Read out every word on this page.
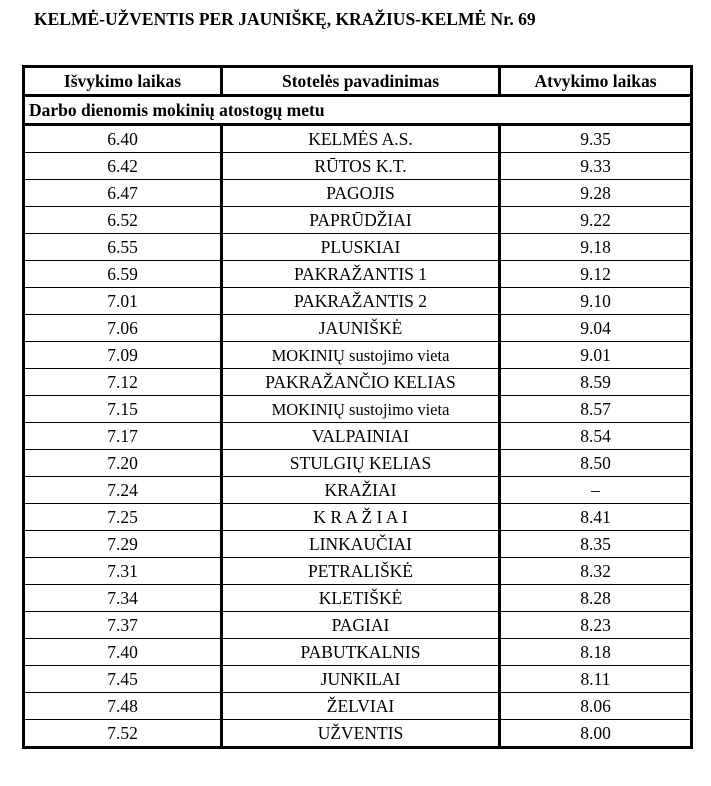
KELMĖ-UŽVENTIS PER JAUNIŠKĘ, KRAŽIUS-KELMĖ Nr. 69
Išvykimo laikas	Stotelės pavadinimas	Atvykimo laikas
Darbo dienomis mokinių atostogų metu		
6.40	KELMĖS A.S.	9.35
6.42	RŪTOS K.T.	9.33
6.47	PAGOJIS	9.28
6.52	PAPRŪDŽIAI	9.22
6.55	PLUSKIAI	9.18
6.59	PAKRAŽANTIS 1	9.12
7.01	PAKRAŽANTIS 2	9.10
7.06	JAUNIŠKĖ	9.04
7.09	MOKINIŲ sustojimo vieta	9.01
7.12	PAKRAŽANČIO KELIAS	8.59
7.15	MOKINIŲ sustojimo vieta	8.57
7.17	VALPAINIAI	8.54
7.20	STULGIŲ KELIAS	8.50
7.24	KRAŽIAI	–
7.25	K R A Ž I A I	8.41
7.29	LINKAUČIAI	8.35
7.31	PETRALIŠKĖ	8.32
7.34	KLETIŠKĖ	8.28
7.37	PAGIAI	8.23
7.40	PABUTKALNIS	8.18
7.45	JUNKILAI	8.11
7.48	ŽELVIAI	8.06
7.52	UŽVENTIS	8.00
